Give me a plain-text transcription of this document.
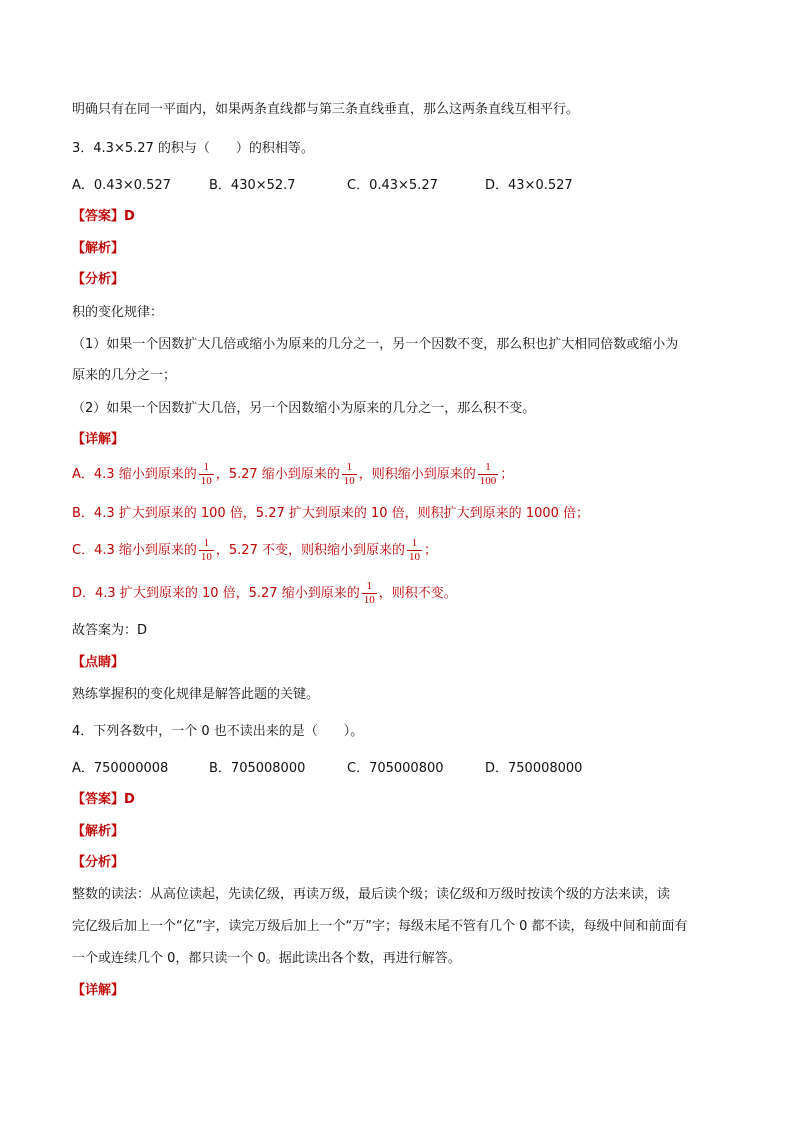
明确只有在同一平面内，如果两条直线都与第三条直线垂直，那么这两条直线互相平行。
3．4.3×5.27 的积与（　　）的积相等。
A．0.43×0.527	B．430×52.7	C．0.43×5.27	D．43×0.527
【答案】D
【解析】
【分析】
积的变化规律：
（1）如果一个因数扩大几倍或缩小为原来的几分之一，另一个因数不变，那么积也扩大相同倍数或缩小为
原来的几分之一；
（2）如果一个因数扩大几倍，另一个因数缩小为原来的几分之一，那么积不变。
【详解】
A．4.3 缩小到原来的 $\frac{1}{10}$ ，5.27 缩小到原来的 $\frac{1}{10}$ ，则积缩小到原来的 $\frac{1}{100}$ ；
B．4.3 扩大到原来的 100 倍，5.27 扩大到原来的 10 倍，则积扩大到原来的 1000 倍；
C．4.3 缩小到原来的 $\frac{1}{10}$ ，5.27 不变，则积缩小到原来的 $\frac{1}{10}$ ；
D．4.3 扩大到原来的 10 倍，5.27 缩小到原来的 $\frac{1}{10}$ ，则积不变。
故答案为：D
【点睛】
熟练掌握积的变化规律是解答此题的关键。
4．下列各数中，一个 0 也不读出来的是（　　）。
A．750000008	B．705008000	C．705000800	D．750008000
【答案】D
【解析】
【分析】
整数的读法：从高位读起，先读亿级，再读万级，最后读个级；读亿级和万级时按读个级的方法来读，读
完亿级后加上一个“亿”字，读完万级后加上一个“万”字；每级末尾不管有几个 0 都不读，每级中间和前面有
一个或连续几个 0，都只读一个 0。据此读出各个数，再进行解答。
【详解】
